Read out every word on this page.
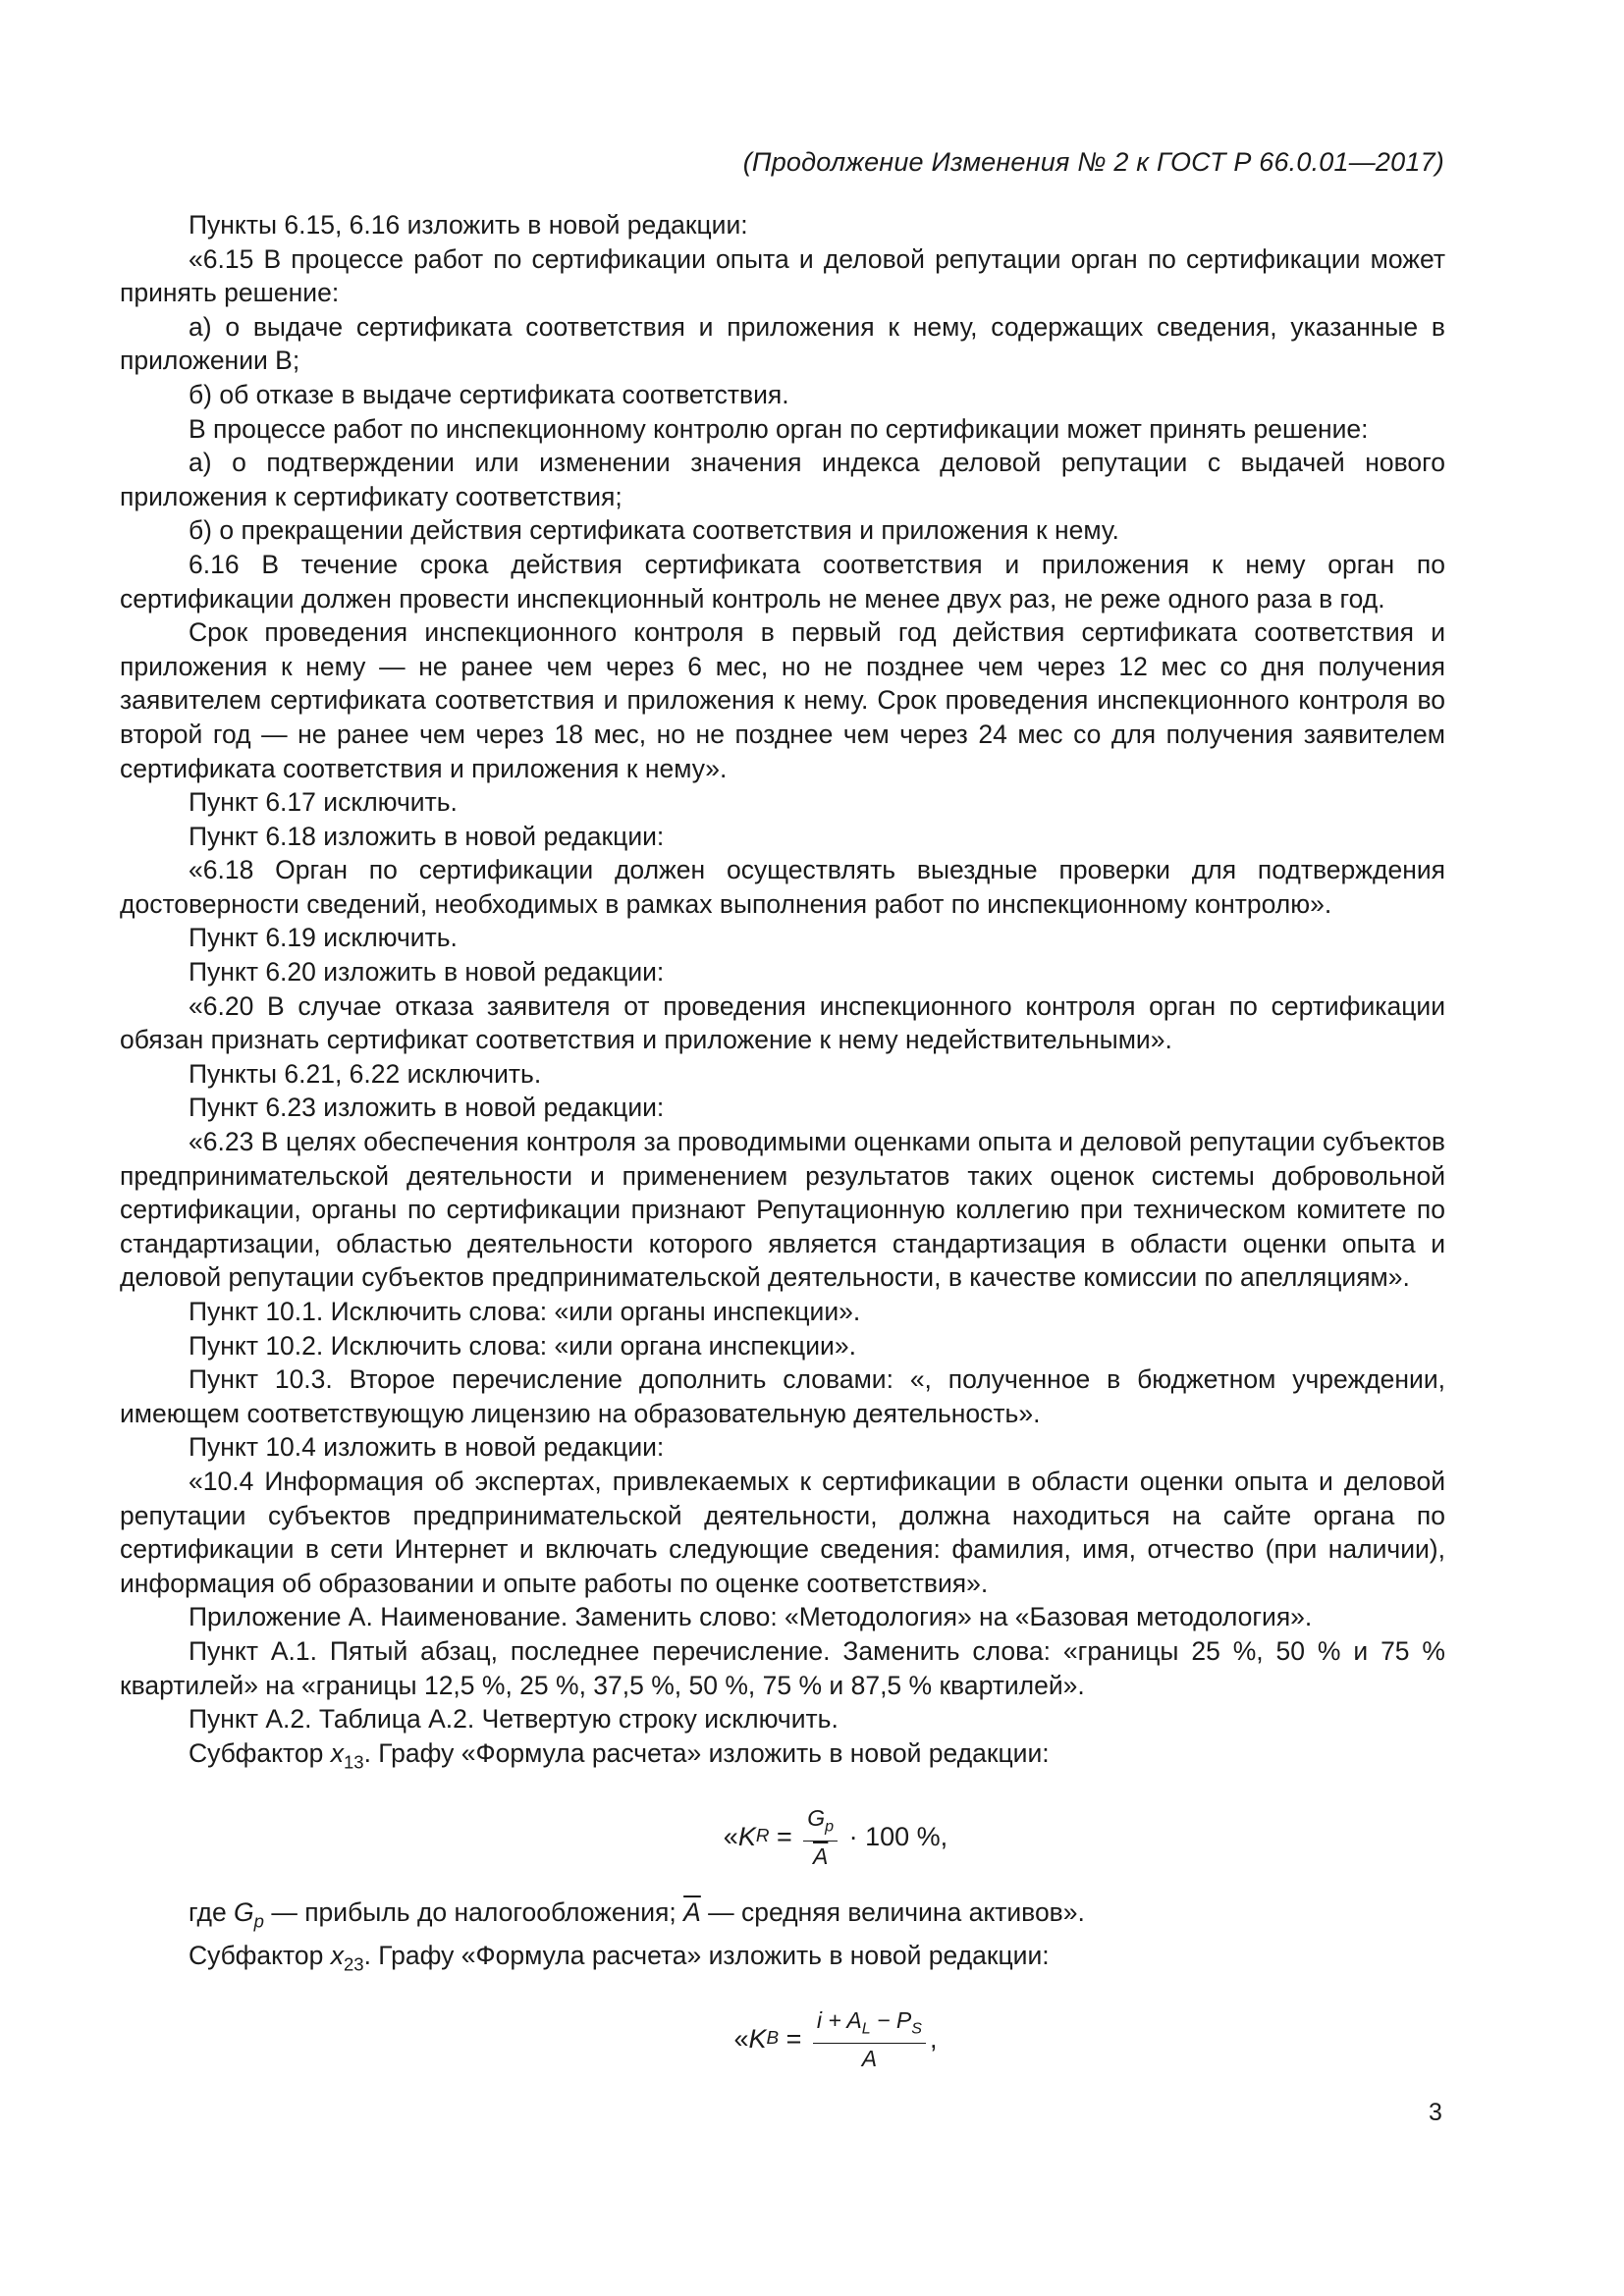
(Продолжение Изменения № 2 к ГОСТ Р 66.0.01—2017)

Пункты 6.15, 6.16 изложить в новой редакции:

«6.15 В процессе работ по сертификации опыта и деловой репутации орган по сертификации может принять решение:

а) о выдаче сертификата соответствия и приложения к нему, содержащих сведения, указанные в приложении В;

б) об отказе в выдаче сертификата соответствия.

В процессе работ по инспекционному контролю орган по сертификации может принять решение:

а) о подтверждении или изменении значения индекса деловой репутации с выдачей нового приложения к сертификату соответствия;

б) о прекращении действия сертификата соответствия и приложения к нему.

6.16 В течение срока действия сертификата соответствия и приложения к нему орган по сертификации должен провести инспекционный контроль не менее двух раз, не реже одного раза в год.

Срок проведения инспекционного контроля в первый год действия сертификата соответствия и приложения к нему — не ранее чем через 6 мес, но не позднее чем через 12 мес со дня получения заявителем сертификата соответствия и приложения к нему. Срок проведения инспекционного контроля во второй год — не ранее чем через 18 мес, но не позднее чем через 24 мес со для получения заявителем сертификата соответствия и приложения к нему».

Пункт 6.17 исключить.

Пункт 6.18 изложить в новой редакции:

«6.18 Орган по сертификации должен осуществлять выездные проверки для подтверждения достоверности сведений, необходимых в рамках выполнения работ по инспекционному контролю».

Пункт 6.19 исключить.

Пункт 6.20 изложить в новой редакции:

«6.20 В случае отказа заявителя от проведения инспекционного контроля орган по сертификации обязан признать сертификат соответствия и приложение к нему недействительными».

Пункты 6.21, 6.22 исключить.

Пункт 6.23 изложить в новой редакции:

«6.23 В целях обеспечения контроля за проводимыми оценками опыта и деловой репутации субъектов предпринимательской деятельности и применением результатов таких оценок системы добровольной сертификации, органы по сертификации признают Репутационную коллегию при техническом комитете по стандартизации, областью деятельности которого является стандартизация в области оценки опыта и деловой репутации субъектов предпринимательской деятельности, в качестве комиссии по апелляциям».

Пункт 10.1. Исключить слова: «или органы инспекции».

Пункт 10.2. Исключить слова: «или органа инспекции».

Пункт 10.3. Второе перечисление дополнить словами: «, полученное в бюджетном учреждении, имеющем соответствующую лицензию на образовательную деятельность».

Пункт 10.4 изложить в новой редакции:

«10.4 Информация об экспертах, привлекаемых к сертификации в области оценки опыта и деловой репутации субъектов предпринимательской деятельности, должна находиться на сайте органа по сертификации в сети Интернет и включать следующие сведения: фамилия, имя, отчество (при наличии), информация об образовании и опыте работы по оценке соответствия».

Приложение А. Наименование. Заменить слово: «Методология» на «Базовая методология».

Пункт А.1. Пятый абзац, последнее перечисление. Заменить слова: «границы 25 %, 50 % и 75 % квартилей» на «границы 12,5 %, 25 %, 37,5 %, 50 %, 75 % и 87,5 % квартилей».

Пункт А.2. Таблица А.2. Четвертую строку исключить.

Субфактор $x_{13}$. Графу «Формула расчета» изложить в новой редакции:

« K $R = \frac{G_p}{A} \cdot 100$ %,

где $G_p$ — прибыль до налогообложения; $\overline{A}$ — средняя величина активов».

Субфактор $x_{23}$. Графу «Формула расчета» изложить в новой редакции:

« K $B = \frac{i + A_L - P_S}{A}$ ,
3
